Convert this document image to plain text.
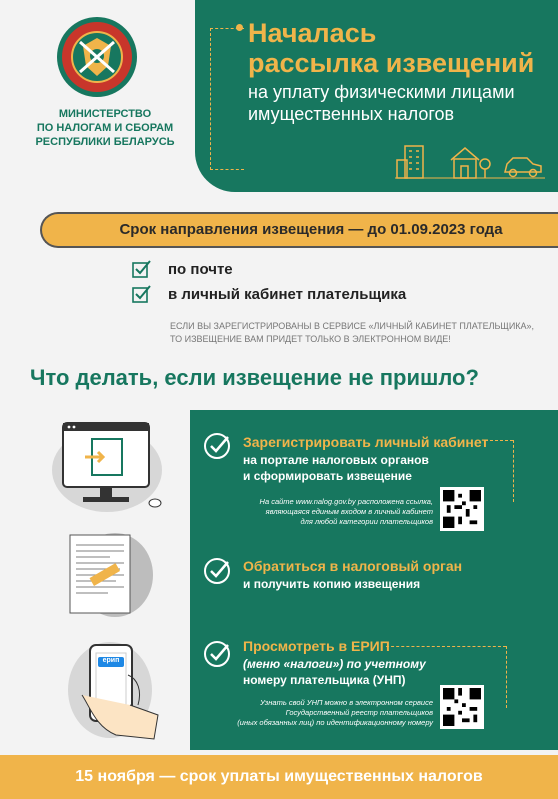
МИНИСТЕРСТВО
ПО НАЛОГАМ И СБОРАМ
РЕСПУБЛИКИ БЕЛАРУСЬ
Началась
рассылка извещений
на уплату физическими лицами
имущественных налогов
Срок направления извещения — до 01.09.2023 года
по почте
в личный кабинет плательщика
ЕСЛИ ВЫ ЗАРЕГИСТРИРОВАНЫ В СЕРВИСЕ «ЛИЧНЫЙ КАБИНЕТ ПЛАТЕЛЬЩИКА»,
ТО ИЗВЕЩЕНИЕ ВАМ ПРИДЕТ ТОЛЬКО В ЭЛЕКТРОННОМ ВИДЕ!
Что делать, если извещение не пришло?
ерип
Зарегистрировать личный кабинет
на портале налоговых органов
и сформировать извещение
На сайте www.nalog.gov.by расположена ссылка,
являющаяся единым входом в личный кабинет
для любой категории плательщиков
Обратиться в налоговый орган
и получить копию извещения
Просмотреть в ЕРИП
(меню «налоги») по учетному
номеру плательщика (УНП)
Узнать свой УНП можно в электронном сервисе
Государственный реестр плательщиков
(иных обязанных лиц) по идентификационному номеру
15 ноября — срок уплаты имущественных налогов
